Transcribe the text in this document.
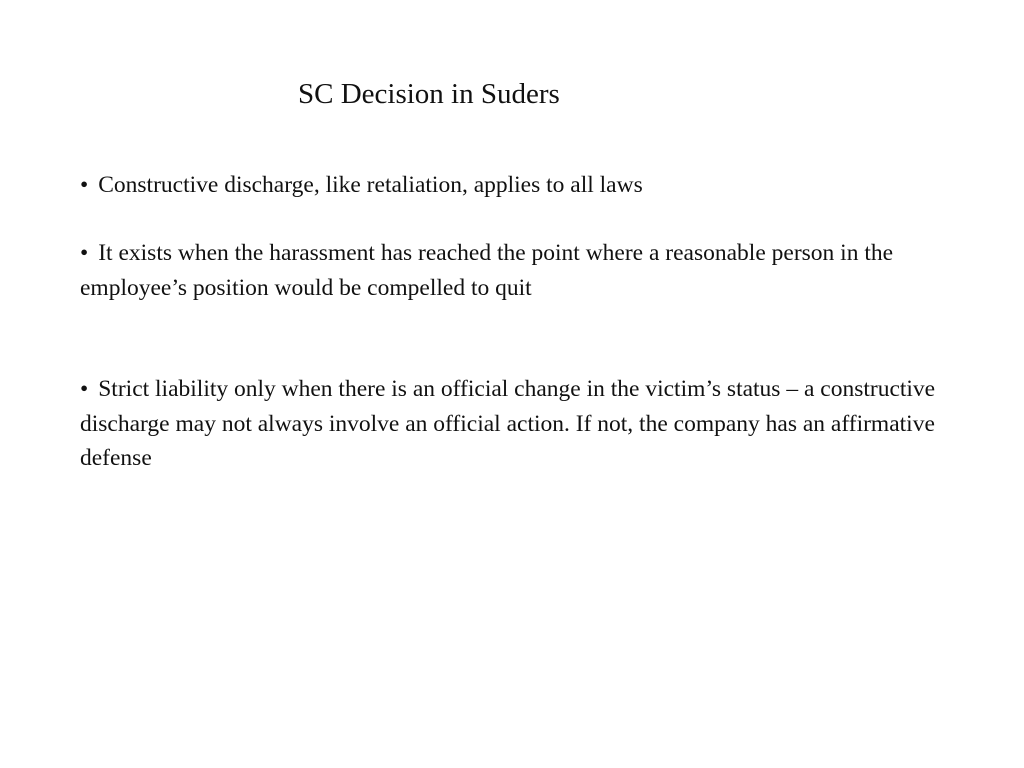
SC Decision in Suders
• Constructive discharge, like retaliation, applies to all laws
• It exists when the harassment has reached the point where a reasonable person in the employee’s position would be compelled to quit
• Strict liability only when there is an official change in the victim’s status – a constructive discharge may not always involve an official action. If not, the company has an affirmative defense
